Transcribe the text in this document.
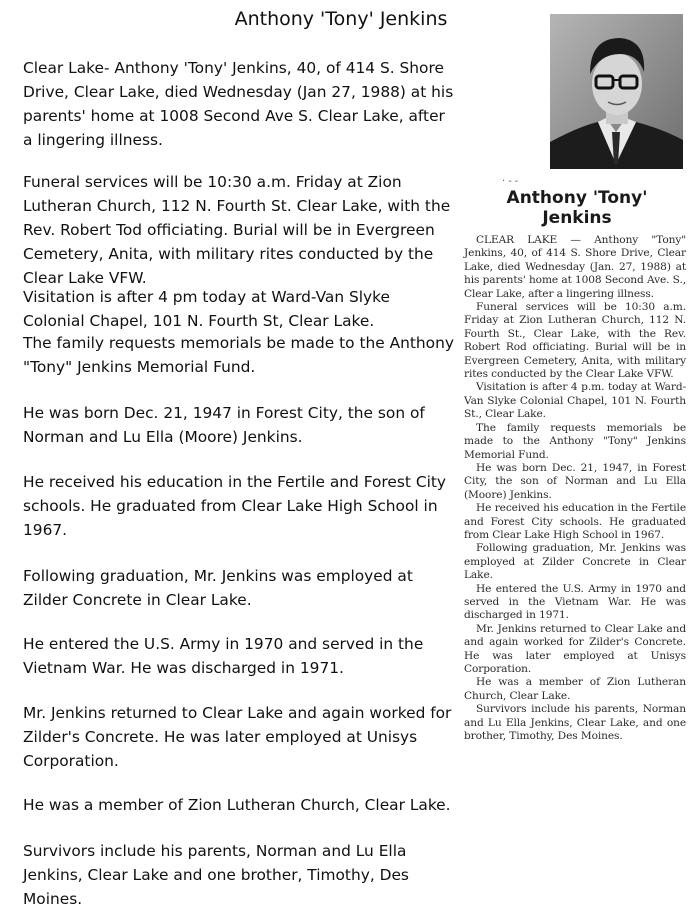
Anthony 'Tony' Jenkins

Clear Lake- Anthony 'Tony' Jenkins, 40, of 414 S. Shore Drive, Clear Lake, died Wednesday (Jan 27, 1988) at his parents' home at 1008 Second Ave S. Clear Lake, after a lingering illness.

Funeral services will be 10:30 a.m. Friday at Zion Lutheran Church, 112 N. Fourth St. Clear Lake, with the Rev. Robert Tod officiating. Burial will be in Evergreen Cemetery, Anita, with military rites conducted by the Clear Lake VFW.

Visitation is after 4 pm today at Ward-Van Slyke Colonial Chapel, 101 N. Fourth St, Clear Lake.

The family requests memorials be made to the Anthony "Tony" Jenkins Memorial Fund.

He was born Dec. 21, 1947 in Forest City, the son of Norman and Lu Ella (Moore) Jenkins.

He received his education in the Fertile and Forest City schools. He graduated from Clear Lake High School in 1967.

Following graduation, Mr. Jenkins was employed at Zilder Concrete in Clear Lake.

He entered the U.S. Army in 1970 and served in the Vietnam War. He was discharged in 1971.

Mr. Jenkins returned to Clear Lake and again worked for Zilder's Concrete. He was later employed at Unisys Corporation.

He was a member of Zion Lutheran Church, Clear Lake.

Survivors include his parents, Norman and Lu Ella Jenkins, Clear Lake and one brother, Timothy, Des Moines.

· - -
Anthony 'Tony'
Jenkins

CLEAR LAKE — Anthony "Tony" Jenkins, 40, of 414 S. Shore Drive, Clear Lake, died Wednesday (Jan. 27, 1988) at his parents' home at 1008 Second Ave. S., Clear Lake, after a lingering illness.

Funeral services will be 10:30 a.m. Friday at Zion Lutheran Church, 112 N. Fourth St., Clear Lake, with the Rev. Robert Rod officiating. Burial will be in Evergreen Cemetery, Anita, with military rites conducted by the Clear Lake VFW.

Visitation is after 4 p.m. today at Ward-Van Slyke Colonial Chapel, 101 N. Fourth St., Clear Lake.

The family requests memorials be made to the Anthony "Tony" Jenkins Memorial Fund.

He was born Dec. 21, 1947, in Forest City, the son of Norman and Lu Ella (Moore) Jenkins.

He received his education in the Fertile and Forest City schools. He graduated from Clear Lake High School in 1967.

Following graduation, Mr. Jenkins was employed at Zilder Concrete in Clear Lake.

He entered the U.S. Army in 1970 and served in the Vietnam War. He was discharged in 1971.

Mr. Jenkins returned to Clear Lake and and again worked for Zilder's Concrete. He was later employed at Unisys Corporation.

He was a member of Zion Lutheran Church, Clear Lake.

Survivors include his parents, Norman and Lu Ella Jenkins, Clear Lake, and one brother, Timothy, Des Moines.
